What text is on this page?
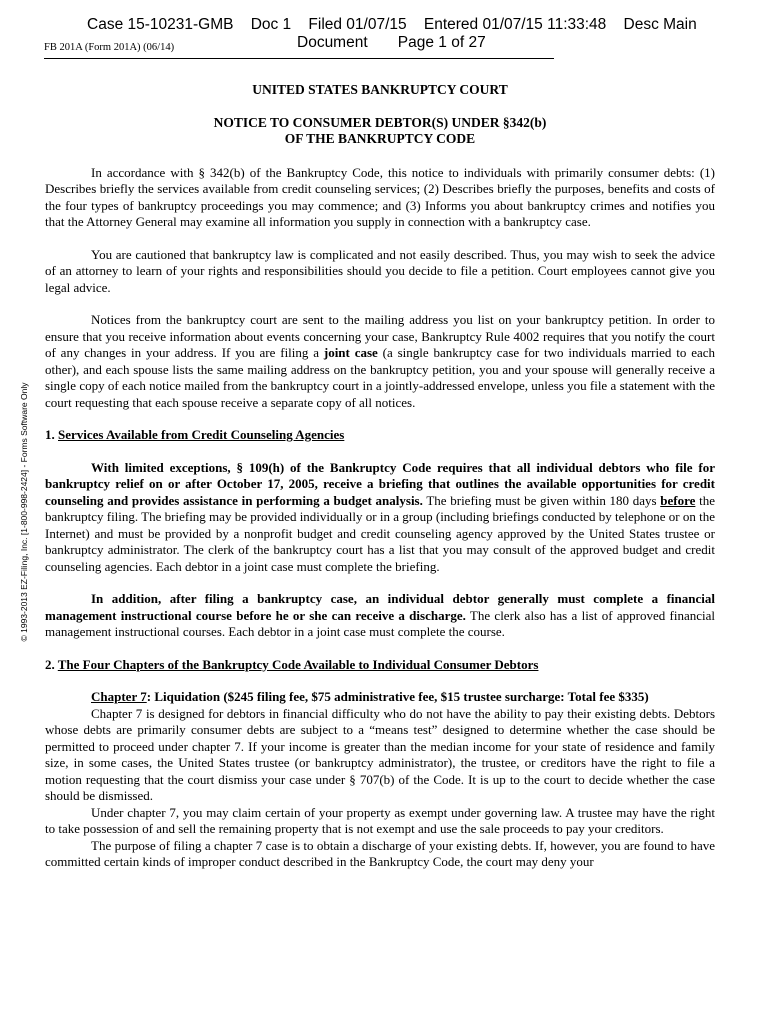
Case 15-10231-GMB    Doc 1    Filed 01/07/15    Entered 01/07/15 11:33:48    Desc Main
Document       Page 1 of 27
FB 201A (Form 201A) (06/14)
© 1993-2013 EZ-Filing, Inc. [1-800-998-2424] - Forms Software Only
UNITED STATES BANKRUPTCY COURT
NOTICE TO CONSUMER DEBTOR(S) UNDER §342(b)
OF THE BANKRUPTCY CODE

In accordance with § 342(b) of the Bankruptcy Code, this notice to individuals with primarily consumer debts: (1) Describes briefly the services available from credit counseling services; (2) Describes briefly the purposes, benefits and costs of the four types of bankruptcy proceedings you may commence; and (3) Informs you about bankruptcy crimes and notifies you that the Attorney General may examine all information you supply in connection with a bankruptcy case.

You are cautioned that bankruptcy law is complicated and not easily described. Thus, you may wish to seek the advice of an attorney to learn of your rights and responsibilities should you decide to file a petition. Court employees cannot give you legal advice.

Notices from the bankruptcy court are sent to the mailing address you list on your bankruptcy petition. In order to ensure that you receive information about events concerning your case, Bankruptcy Rule 4002 requires that you notify the court of any changes in your address. If you are filing a joint case (a single bankruptcy case for two individuals married to each other), and each spouse lists the same mailing address on the bankruptcy petition, you and your spouse will generally receive a single copy of each notice mailed from the bankruptcy court in a jointly-addressed envelope, unless you file a statement with the court requesting that each spouse receive a separate copy of all notices.

1. Services Available from Credit Counseling Agencies

With limited exceptions, § 109(h) of the Bankruptcy Code requires that all individual debtors who file for bankruptcy relief on or after October 17, 2005, receive a briefing that outlines the available opportunities for credit counseling and provides assistance in performing a budget analysis. The briefing must be given within 180 days before the bankruptcy filing. The briefing may be provided individually or in a group (including briefings conducted by telephone or on the Internet) and must be provided by a nonprofit budget and credit counseling agency approved by the United States trustee or bankruptcy administrator. The clerk of the bankruptcy court has a list that you may consult of the approved budget and credit counseling agencies. Each debtor in a joint case must complete the briefing.

In addition, after filing a bankruptcy case, an individual debtor generally must complete a financial management instructional course before he or she can receive a discharge. The clerk also has a list of approved financial management instructional courses. Each debtor in a joint case must complete the course.

2. The Four Chapters of the Bankruptcy Code Available to Individual Consumer Debtors

Chapter 7: Liquidation ($245 filing fee, $75 administrative fee, $15 trustee surcharge: Total fee $335)

Chapter 7 is designed for debtors in financial difficulty who do not have the ability to pay their existing debts. Debtors whose debts are primarily consumer debts are subject to a “means test” designed to determine whether the case should be permitted to proceed under chapter 7. If your income is greater than the median income for your state of residence and family size, in some cases, the United States trustee (or bankruptcy administrator), the trustee, or creditors have the right to file a motion requesting that the court dismiss your case under § 707(b) of the Code. It is up to the court to decide whether the case should be dismissed.

Under chapter 7, you may claim certain of your property as exempt under governing law. A trustee may have the right to take possession of and sell the remaining property that is not exempt and use the sale proceeds to pay your creditors.

The purpose of filing a chapter 7 case is to obtain a discharge of your existing debts. If, however, you are found to have committed certain kinds of improper conduct described in the Bankruptcy Code, the court may deny your
